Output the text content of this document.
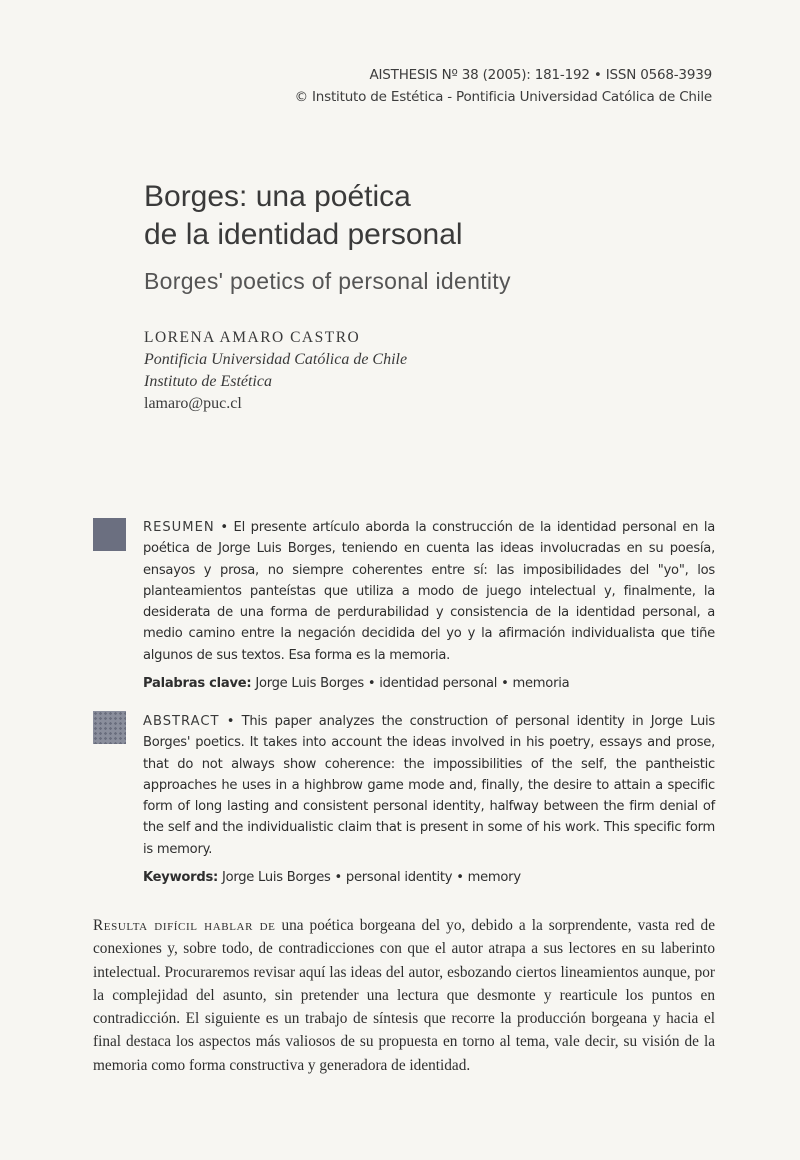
AISTHESIS Nº 38 (2005): 181-192 • ISSN 0568-3939
© Instituto de Estética - Pontificia Universidad Católica de Chile
Borges: una poética
de la identidad personal
Borges' poetics of personal identity
LORENA AMARO CASTRO
Pontificia Universidad Católica de Chile
Instituto de Estética
lamaro@puc.cl

RESUMEN • El presente artículo aborda la construcción de la identidad personal en la poética de Jorge Luis Borges, teniendo en cuenta las ideas involucradas en su poesía, ensayos y prosa, no siempre coherentes entre sí: las imposibilidades del "yo", los planteamientos panteístas que utiliza a modo de juego intelectual y, finalmente, la desiderata de una forma de perdurabilidad y consistencia de la identidad personal, a medio camino entre la negación decidida del yo y la afirmación individualista que tiñe algunos de sus textos. Esa forma es la memoria.

Palabras clave: Jorge Luis Borges • identidad personal • memoria

ABSTRACT • This paper analyzes the construction of personal identity in Jorge Luis Borges' poetics. It takes into account the ideas involved in his poetry, essays and prose, that do not always show coherence: the impossibilities of the self, the pantheistic approaches he uses in a highbrow game mode and, finally, the desire to attain a specific form of long lasting and consistent personal identity, halfway between the firm denial of the self and the individualistic claim that is present in some of his work. This specific form is memory.

Keywords: Jorge Luis Borges • personal identity • memory

Resulta difícil hablar de una poética borgeana del yo, debido a la sorprendente, vasta red de conexiones y, sobre todo, de contradicciones con que el autor atrapa a sus lectores en su laberinto intelectual. Procuraremos revisar aquí las ideas del autor, esbozando ciertos lineamientos aunque, por la complejidad del asunto, sin pretender una lectura que desmonte y rearticule los puntos en contradicción. El siguiente es un trabajo de síntesis que recorre la producción borgeana y hacia el final destaca los aspectos más valiosos de su propuesta en torno al tema, vale decir, su visión de la memoria como forma constructiva y generadora de identidad.
